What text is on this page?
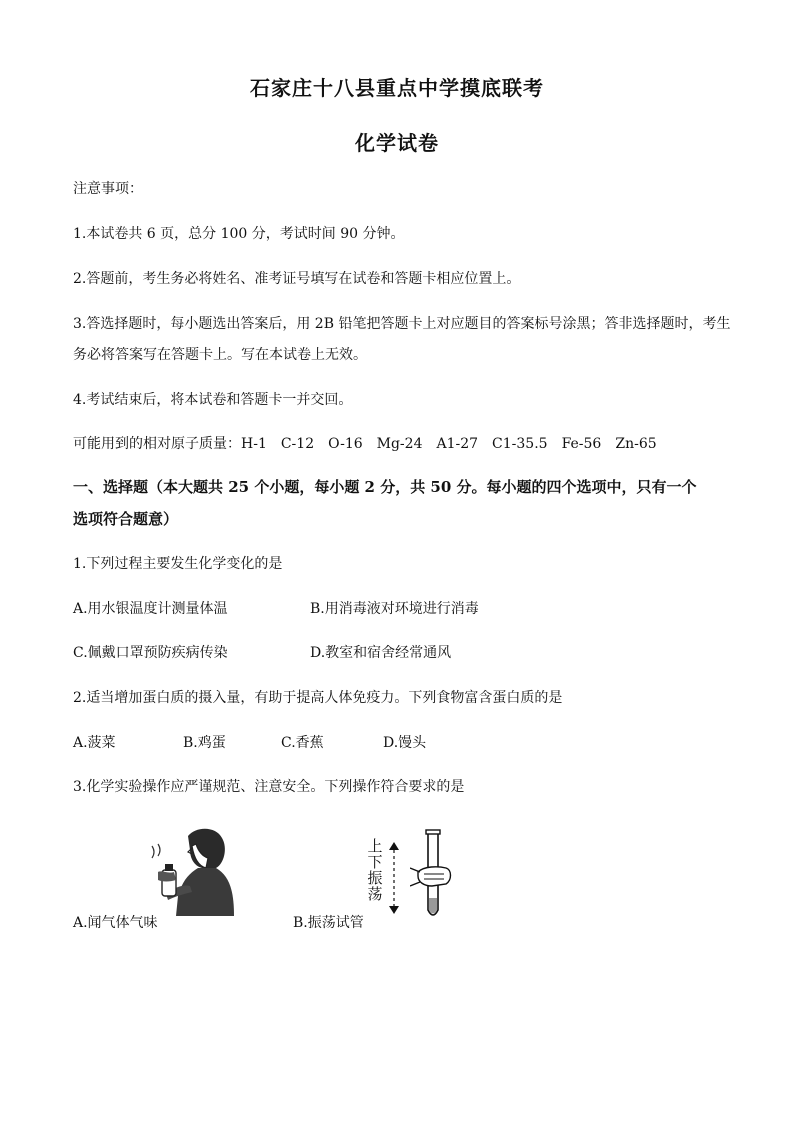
石家庄十八县重点中学摸底联考
化学试卷
注意事项：
1.本试卷共 6 页，总分 100 分，考试时间 90 分钟。
2.答题前，考生务必将姓名、准考证号填写在试卷和答题卡相应位置上。
3.答选择题时，每小题选出答案后，用 2B 铅笔把答题卡上对应题目的答案标号涂黑；答非选择题时，考生
务必将答案写在答题卡上。写在本试卷上无效。
4.考试结束后，将本试卷和答题卡一并交回。
可能用到的相对原子质量：H-1　C-12　O-16　Mg-24　A1-27　C1-35.5　Fe-56　Zn-65
一、选择题（本大题共 25 个小题，每小题 2 分，共 50 分。每小题的四个选项中，只有一个
选项符合题意）
1.下列过程主要发生化学变化的是
A.用水银温度计测量体温	B.用消毒液对环境进行消毒
C.佩戴口罩预防疾病传染	D.教室和宿舍经常通风
2.适当增加蛋白质的摄入量，有助于提高人体免疫力。下列食物富含蛋白质的是
A.菠菜	B.鸡蛋	C.香蕉	D.馒头
3.化学实验操作应严谨规范、注意安全。下列操作符合要求的是
A.闻气体气味
上
下
振
荡
B.振荡试管
